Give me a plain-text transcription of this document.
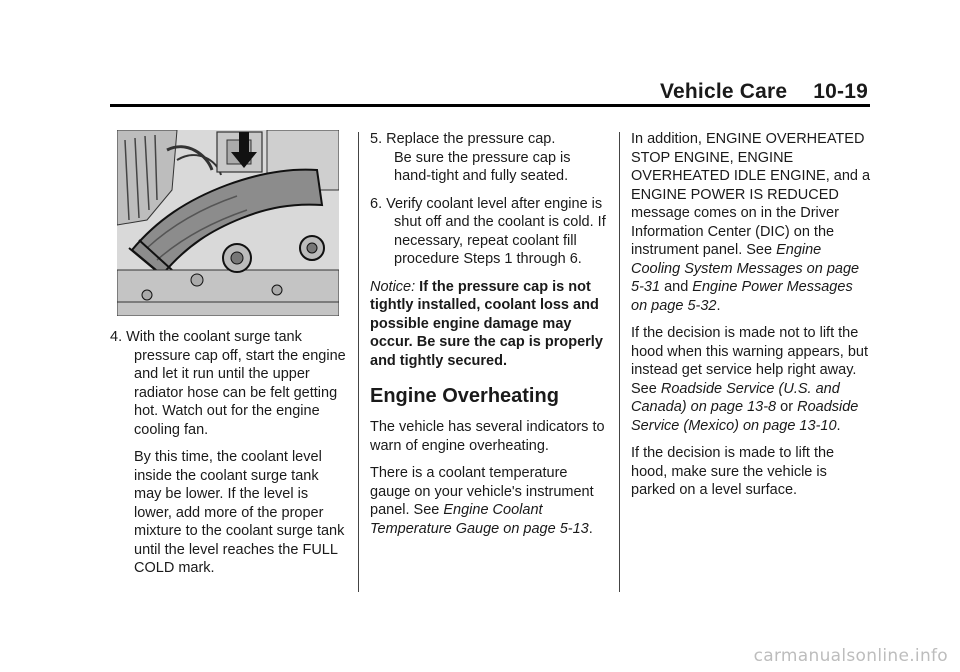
Vehicle Care 10-19

4. With the coolant surge tank pressure cap off, start the engine and let it run until the upper radiator hose can be felt getting hot. Watch out for the engine cooling fan.

By this time, the coolant level inside the coolant surge tank may be lower. If the level is lower, add more of the proper mixture to the coolant surge tank until the level reaches the FULL COLD mark.

5. Replace the pressure cap.

Be sure the pressure cap is hand-tight and fully seated.

6. Verify coolant level after engine is shut off and the coolant is cold. If necessary, repeat coolant fill procedure Steps 1 through 6.

Notice: If the pressure cap is not tightly installed, coolant loss and possible engine damage may occur. Be sure the cap is properly and tightly secured.

Engine Overheating

The vehicle has several indicators to warn of engine overheating.

There is a coolant temperature gauge on your vehicle's instrument panel. See Engine Coolant Temperature Gauge on page 5-13.

In addition, ENGINE OVERHEATED STOP ENGINE, ENGINE OVERHEATED IDLE ENGINE, and a ENGINE POWER IS REDUCED message comes on in the Driver Information Center (DIC) on the instrument panel. See Engine Cooling System Messages on page 5-31 and Engine Power Messages on page 5-32.

If the decision is made not to lift the hood when this warning appears, but instead get service help right away. See Roadside Service (U.S. and Canada) on page 13-8 or Roadside Service (Mexico) on page 13-10.

If the decision is made to lift the hood, make sure the vehicle is parked on a level surface.

carmanualsonline.info
